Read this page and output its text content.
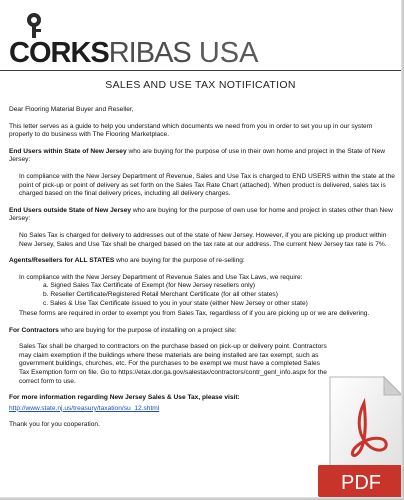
CORKSRIBAS USA
SALES AND USE TAX NOTIFICATION

Dear Flooring Material Buyer and Reseller,

This letter serves as a guide to help you understand which documents we need from you in order to set you up in our system properly to do business with The Flooring Marketplace.

End Users within State of New Jersey who are buying for the purpose of use in their own home and project in the State of New Jersey:

In compliance with the New Jersey Department of Revenue, Sales and Use Tax is charged to END USERS within the state at the point of pick-up or point of delivery as set forth on the Sales Tax Rate Chart (attached). When product is delivered, sales tax is charged based on the final delivery prices, including all delivery charges.

End Users outside State of New Jersey who are buying for the purpose of own use for home and project in states other than New Jersey:

No Sales Tax is charged for delivery to addresses out of the state of New Jersey. However, if you are picking up product within New Jersey, Sales and Use Tax shall be charged based on the tax rate at our address. The current New Jersey tax rate is 7%.

Agents/Resellers for ALL STATES who are buying for the purpose of re-selling:

In compliance with the New Jersey Department of Revenue Sales and Use Tax Laws, we require:
a. Signed Sales Tax Certificate of Exempt (for New Jersey resellers only)
b. Reseller Certificate/Registered Retail Merchant Certificate (for all other states)
c. Sales & Use Tax Certificate issued to you in your state (either New Jersey or other state)

These forms are required in order to exempt you from Sales Tax, regardless of if you are picking up or we are delivering.

For Contractors who are buying for the purpose of installing on a project site:

Sales Tax shall be charged to contractors on the purchase based on pick-up or delivery point. Contractors may claim exemption if the buildings where these materials are being installed are tax exempt, such as government buildings, churches, etc. For the purchases to be exempt we must have a completed Sales Tax Exemption form on file. Go to https://etax.dor.ga.gov/salestax/contractors/contr_genl_info.aspx for the correct form to use.

For more information regarding New Jersey Sales & Use Tax, please visit:

http://www.state.nj.us/treasury/taxation/su_12.shtml

Thank you for you cooperation.

PDF
